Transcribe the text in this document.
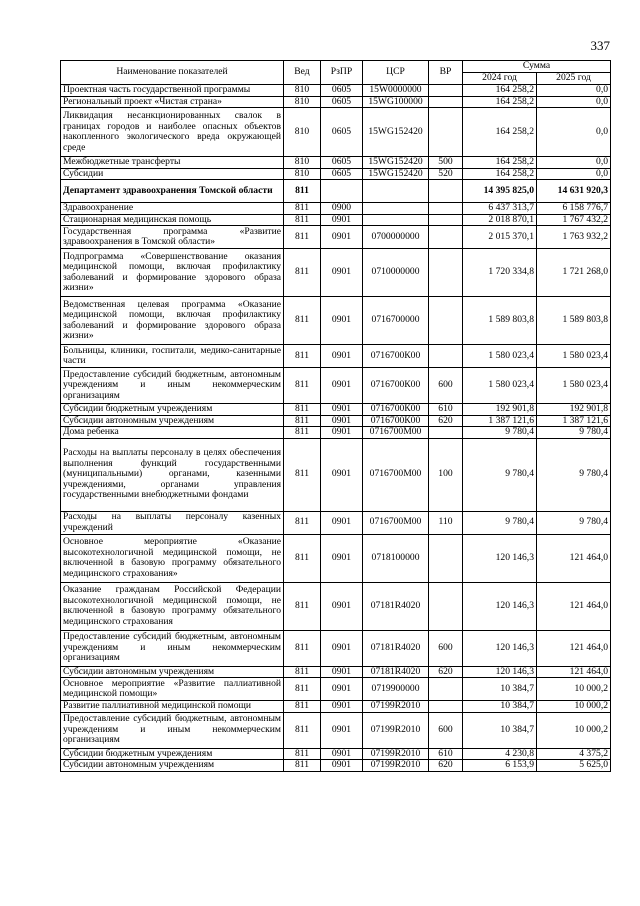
337
Наименование показателей	Вед	РзПР	ЦСР	ВР	Сумма	
					2024 год	2025 год
Проектная часть государственной программы	810	0605	15W0000000		164 258,2	0,0
Региональный проект «Чистая страна»	810	0605	15WG100000		164 258,2	0,0
Ликвидация несанкционированных свалок в границах городов и наиболее опасных объектов накопленного экологического вреда окружающей среде	810	0605	15WG152420		164 258,2	0,0
Межбюджетные трансферты	810	0605	15WG152420	500	164 258,2	0,0
Субсидии	810	0605	15WG152420	520	164 258,2	0,0
Департамент здравоохранения Томской области	811				14 395 825,0	14 631 920,3
Здравоохранение	811	0900			6 437 313,7	6 158 776,7
Стационарная медицинская помощь	811	0901			2 018 870,1	1 767 432,2
Государственная программа «Развитие здравоохранения в Томской области»	811	0901	0700000000		2 015 370,1	1 763 932,2
Подпрограмма «Совершенствование оказания медицинской помощи, включая профилактику заболеваний и формирование здорового образа жизни»	811	0901	0710000000		1 720 334,8	1 721 268,0
Ведомственная целевая программа «Оказание медицинской помощи, включая профилактику заболеваний и формирование здорового образа жизни»	811	0901	0716700000		1 589 803,8	1 589 803,8
Больницы, клиники, госпитали, медико-санитарные части	811	0901	0716700К00		1 580 023,4	1 580 023,4
Предоставление субсидий бюджетным, автономным учреждениям и иным некоммерческим организациям	811	0901	0716700К00	600	1 580 023,4	1 580 023,4
Субсидии бюджетным учреждениям	811	0901	0716700К00	610	192 901,8	192 901,8
Субсидии автономным учреждениям	811	0901	0716700К00	620	1 387 121,6	1 387 121,6
Дома ребенка	811	0901	0716700М00		9 780,4	9 780,4
Расходы на выплаты персоналу в целях обеспечения выполнения функций государственными (муниципальными) органами, казенными учреждениями, органами управления государственными внебюджетными фондами	811	0901	0716700М00	100	9 780,4	9 780,4
Расходы на выплаты персоналу казенных учреждений	811	0901	0716700М00	110	9 780,4	9 780,4
Основное мероприятие «Оказание высокотехнологичной медицинской помощи, не включенной в базовую программу обязательного медицинского страхования»	811	0901	0718100000		120 146,3	121 464,0
Оказание гражданам Российской Федерации высокотехнологичной медицинской помощи, не включенной в базовую программу обязательного медицинского страхования	811	0901	07181R4020		120 146,3	121 464,0
Предоставление субсидий бюджетным, автономным учреждениям и иным некоммерческим организациям	811	0901	07181R4020	600	120 146,3	121 464,0
Субсидии автономным учреждениям	811	0901	07181R4020	620	120 146,3	121 464,0
Основное мероприятие «Развитие паллиативной медицинской помощи»	811	0901	0719900000		10 384,7	10 000,2
Развитие паллиативной медицинской помощи	811	0901	07199R2010		10 384,7	10 000,2
Предоставление субсидий бюджетным, автономным учреждениям и иным некоммерческим организациям	811	0901	07199R2010	600	10 384,7	10 000,2
Субсидии бюджетным учреждениям	811	0901	07199R2010	610	4 230,8	4 375,2
Субсидии автономным учреждениям	811	0901	07199R2010	620	6 153,9	5 625,0
